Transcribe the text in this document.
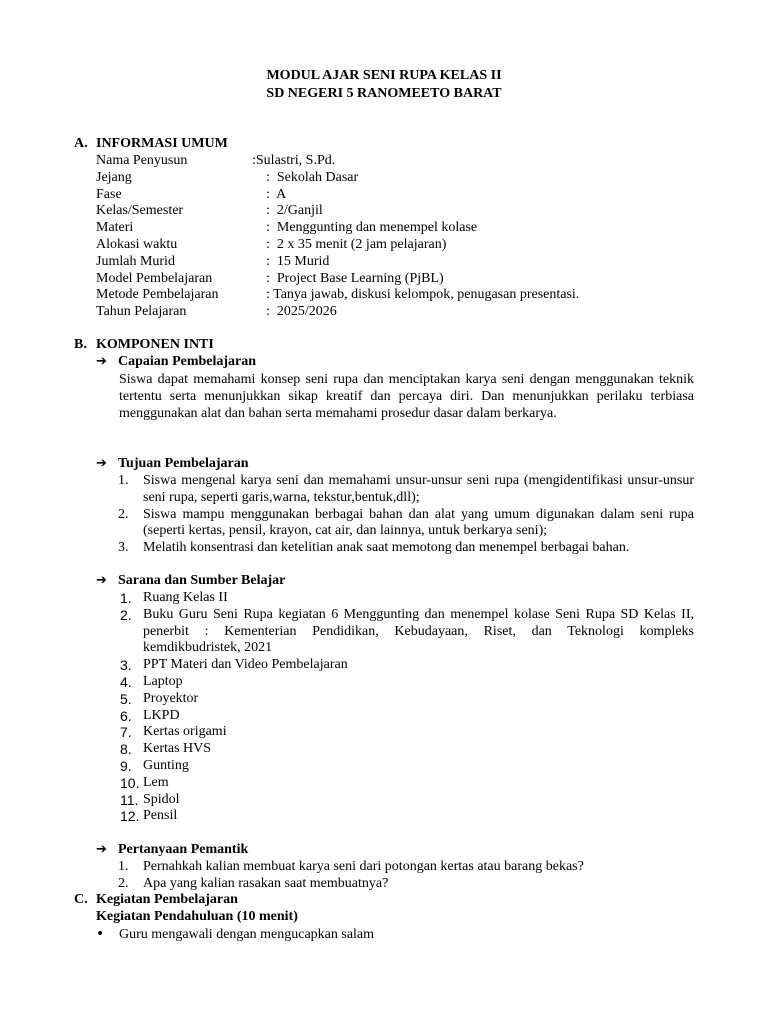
MODUL AJAR SENI RUPA KELAS II
SD NEGERI 5 RANOMEETO BARAT
A. INFORMASI UMUM
Nama Penyusun	:Sulastri, S.Pd.
Jejang	:  Sekolah Dasar
Fase	:  A
Kelas/Semester	:  2/Ganjil
Materi	:  Menggunting dan menempel kolase
Alokasi waktu	:  2 x 35 menit (2 jam pelajaran)
Jumlah Murid	:  15 Murid
Model Pembelajaran	:  Project Base Learning (PjBL)
Metode Pembelajaran : Tanya jawab, diskusi kelompok, penugasan presentasi.
Tahun Pelajaran	:  2025/2026
B. KOMPONEN INTI
➔ Capaian Pembelajaran
Siswa dapat memahami konsep seni rupa dan menciptakan karya seni dengan menggunakan teknik tertentu serta menunjukkan sikap kreatif dan percaya diri. Dan menunjukkan perilaku terbiasa menggunakan alat dan bahan serta memahami prosedur dasar dalam berkarya.
➔ Tujuan Pembelajaran
1. Siswa mengenal karya seni dan memahami unsur-unsur seni rupa (mengidentifikasi unsur-unsur seni rupa, seperti garis,warna, tekstur,bentuk,dll);
2. Siswa mampu menggunakan berbagai bahan dan alat yang umum digunakan dalam seni rupa (seperti kertas, pensil, krayon, cat air, dan lainnya, untuk berkarya seni);
3. Melatih konsentrasi dan ketelitian anak saat memotong dan menempel berbagai bahan.
➔ Sarana dan Sumber Belajar
1. Ruang Kelas II
2. Buku Guru Seni Rupa kegiatan 6 Menggunting dan menempel kolase Seni Rupa SD Kelas II, penerbit : Kementerian Pendidikan, Kebudayaan, Riset, dan Teknologi kompleks kemdikbudristek, 2021
3. PPT Materi dan Video Pembelajaran
4. Laptop
5. Proyektor
6. LKPD
7. Kertas origami
8. Kertas HVS
9. Gunting
10. Lem
11. Spidol
12. Pensil
➔ Pertanyaan Pemantik
1. Pernahkah kalian membuat karya seni dari potongan kertas atau barang bekas?
2. Apa yang kalian rasakan saat membuatnya?
C. Kegiatan Pembelajaran
Kegiatan Pendahuluan (10 menit)
• Guru mengawali dengan mengucapkan salam
